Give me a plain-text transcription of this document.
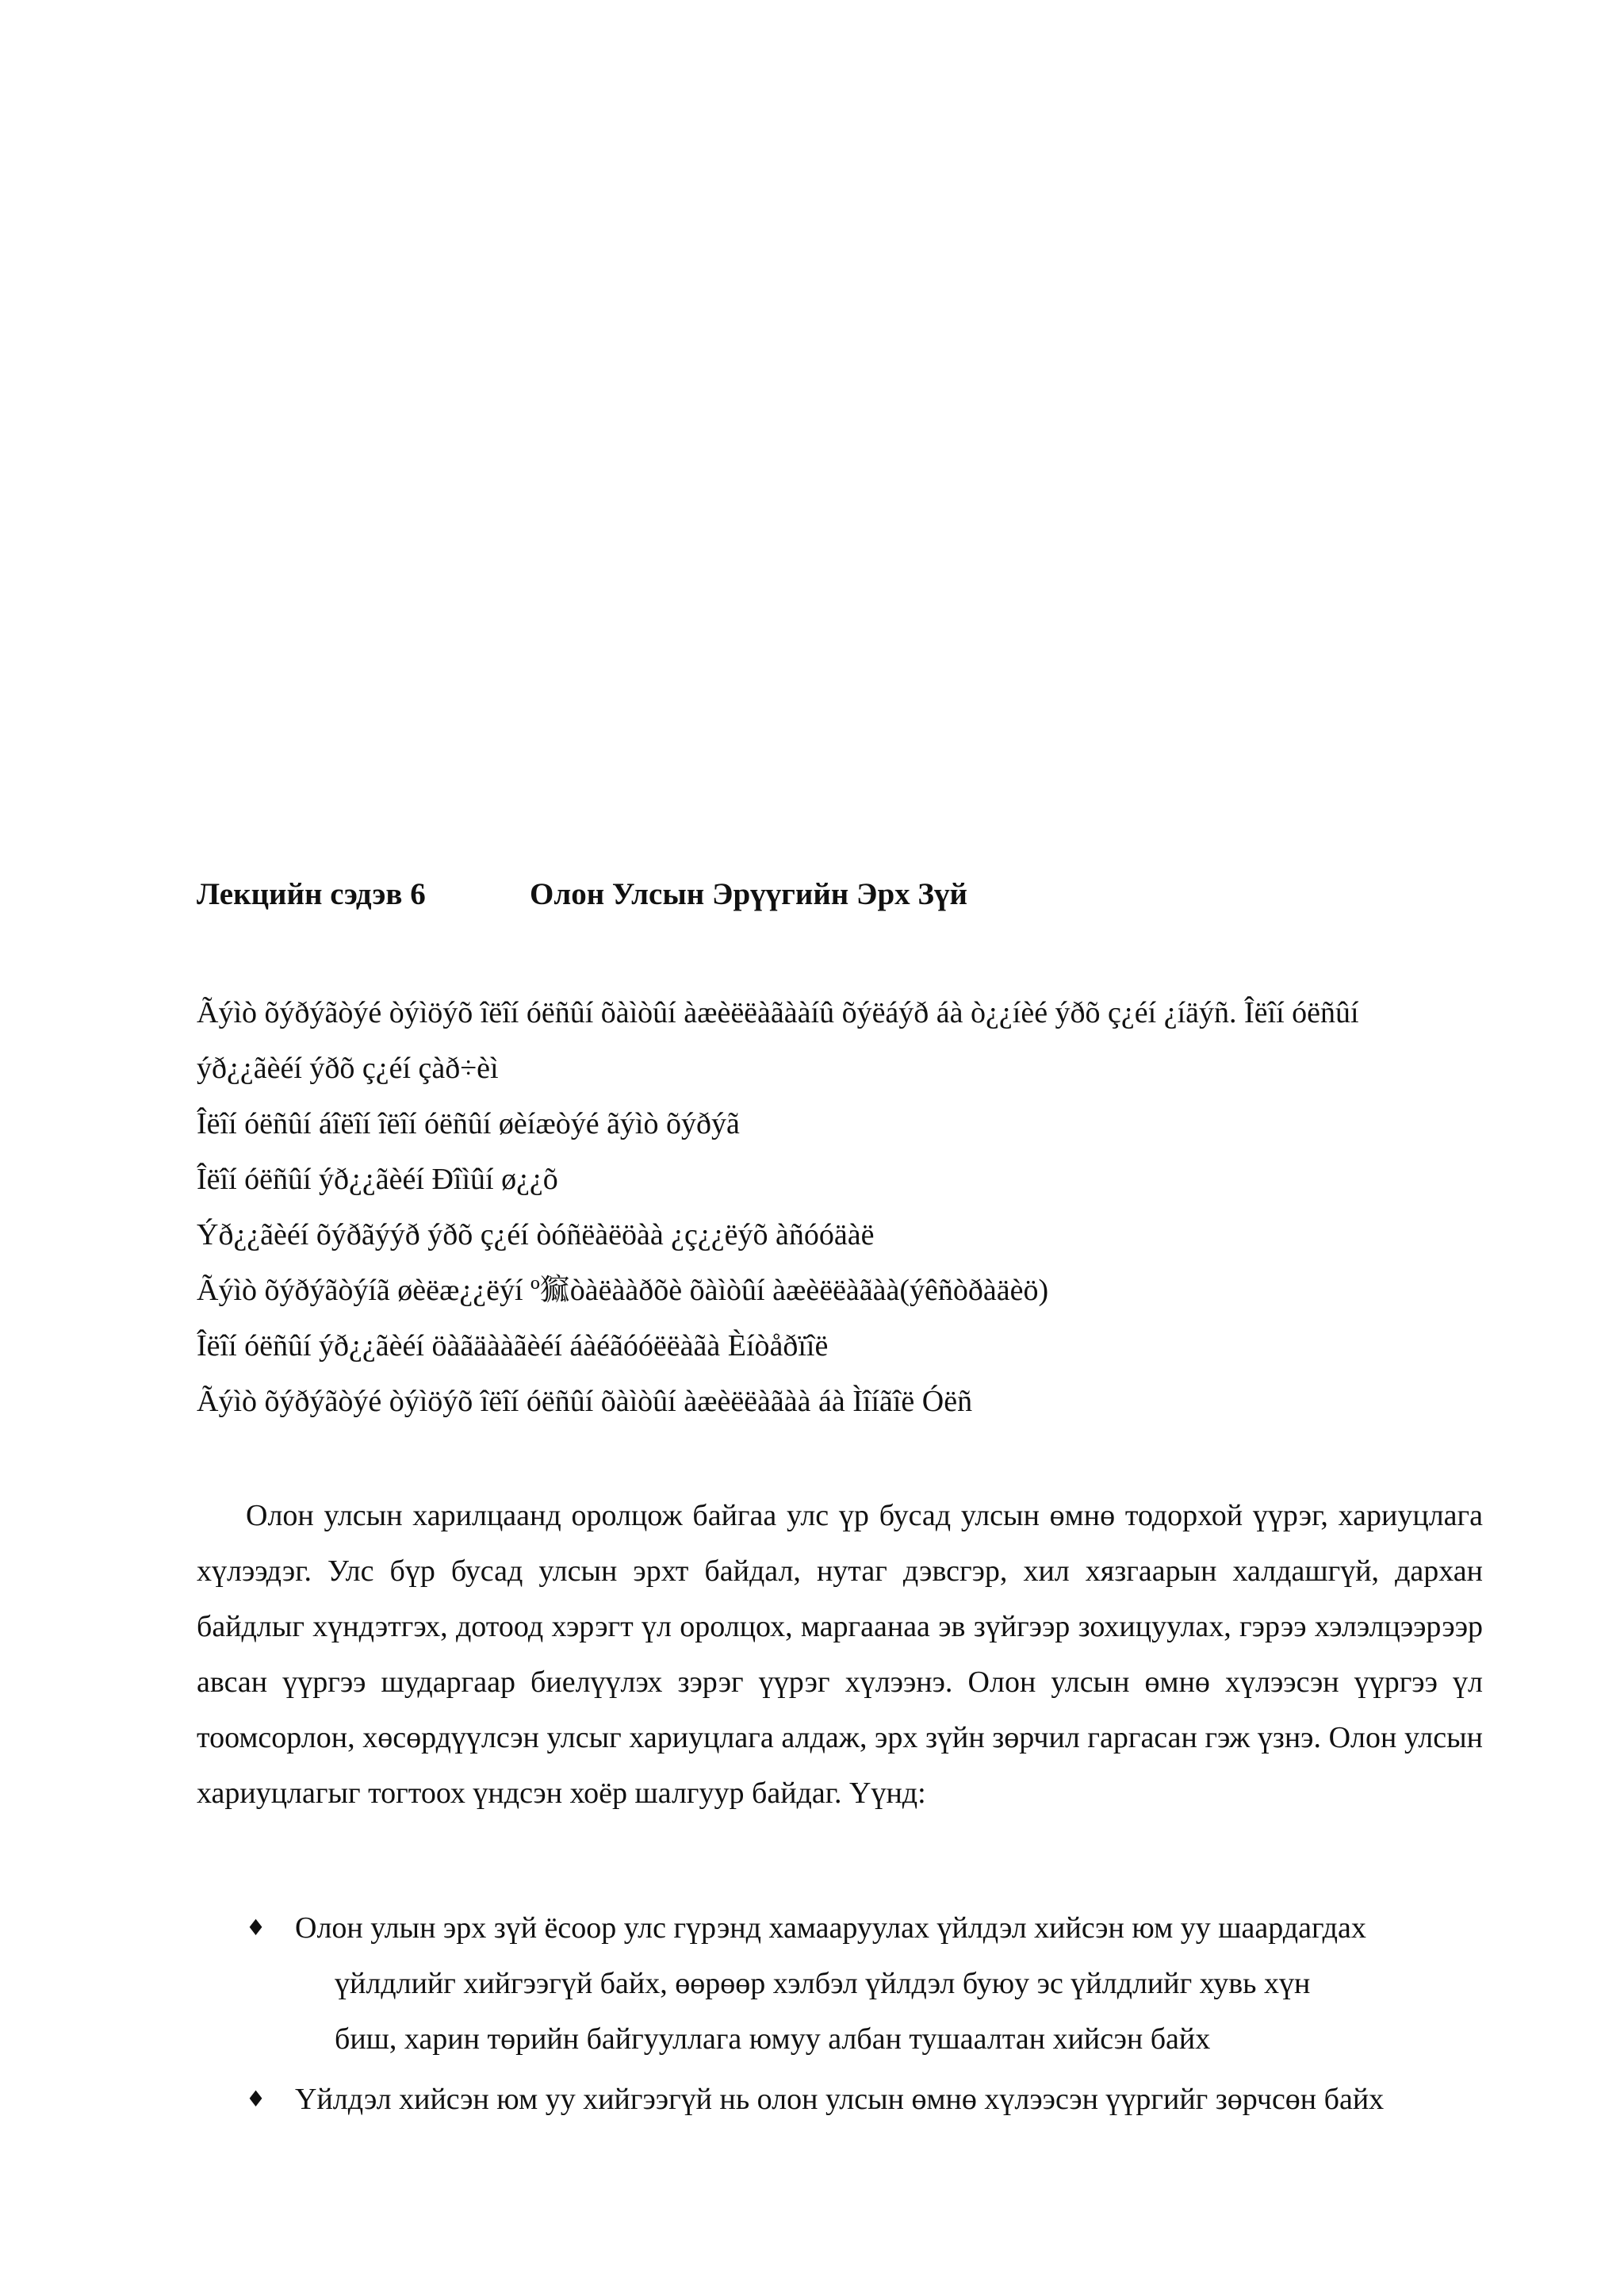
Лекцийн сэдэв 6	Олон Улсын Эрүүгийн Эрх Зүй
Ãýìò õýðýãòýé òýìöýõ îëîí óëñûí õàìòûí àæèëëàãààíû õýëáýð áà ò¿¿íèé ýðõ ç¿éí ¿íäýñ. Îëîí óëñûí
ýð¿¿ãèéí ýðõ ç¿éí çàð÷èì
Îëîí óëñûí áîëîí îëîí óëñûí øèíæòýé ãýìò õýðýã
Îëîí óëñûí ýð¿¿ãèéí Ðîìûí ø¿¿õ
Ýð¿¿ãèéí õýðãýýð ýðõ ç¿éí òóñëàëöàà ¿ç¿¿ëýõ àñóóäàë
Ãýìò õýðýãòýíã øèëæ¿¿ëýí º㺠òàëààðõè õàìòûí àæèëëàãàà(ýêñòðàäèö)
Îëîí óëñûí ýð¿¿ãèéí öàãäààãèéí áàéãóóëëàãà Èíòåðïîë
Ãýìò õýðýãòýé òýìöýõ îëîí óëñûí õàìòûí àæèëëàãàà áà Ìîíãîë Óëñ
Олон улсын харилцаанд оролцож байгаа улс үр бусад улсын өмнө тодорхой үүрэг, хариуцлага хүлээдэг. Улс бүр бусад улсын эрхт байдал, нутаг дэвсгэр, хил хязгаарын халдашгүй, дархан байдлыг хүндэтгэх, дотоод хэрэгт үл оролцох, маргаанаа эв зүйгээр зохицуулах, гэрээ хэлэлцээрээр авсан үүргээ шударгаар биелүүлэх зэрэг үүрэг хүлээнэ. Олон улсын өмнө хүлээсэн үүргээ үл тоомсорлон, хөсөрдүүлсэн улсыг хариуцлага алдаж, эрх зүйн зөрчил гаргасан гэж үзнэ. Олон улсын хариуцлагыг тогтоох үндсэн хоёр шалгуур байдаг. Үүнд:
♦ Олон улын эрх зүй ёсоор улс гүрэнд хамааруулах үйлдэл хийсэн юм уу шаардагдах
үйлдлийг хийгээгүй байх, өөрөөр хэлбэл үйлдэл буюу эс үйлдлийг хувь хүн
биш, харин төрийн байгууллага юмуу албан тушаалтан хийсэн байх
♦ Үйлдэл хийсэн юм уу хийгээгүй нь олон улсын өмнө хүлээсэн үүргийг зөрчсөн байх
